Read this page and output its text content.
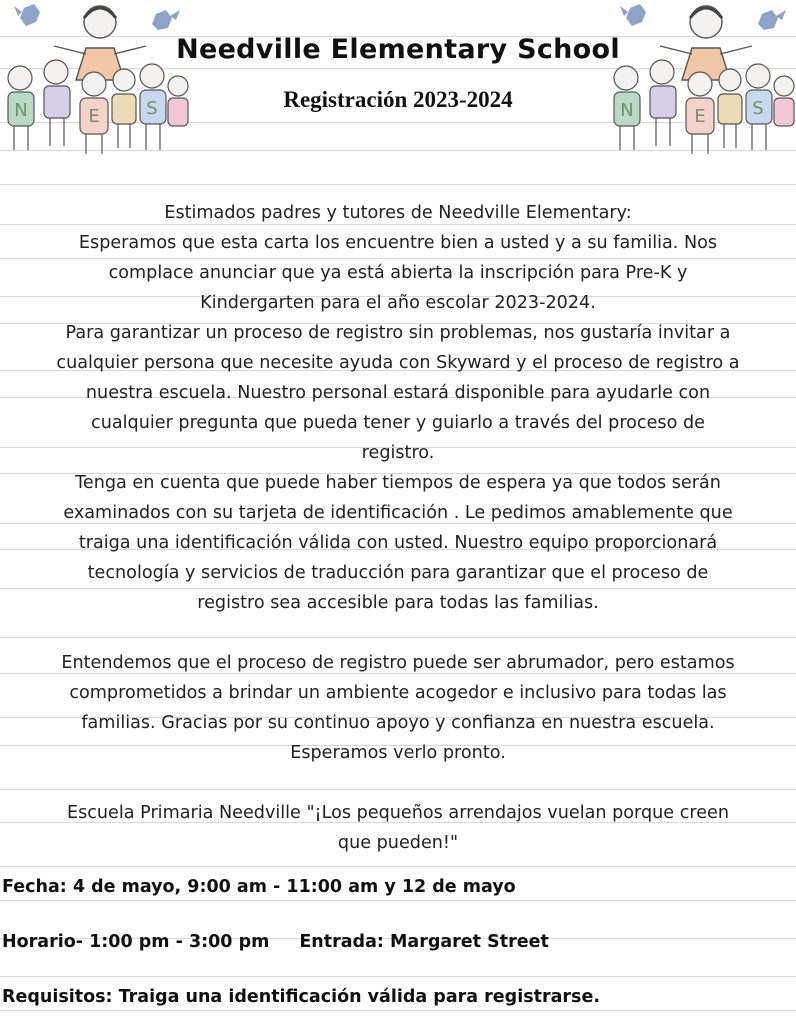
N	E	S
Needville Elementary School
Registración 2023-2024	N	E	S

Estimados padres y tutores de Needville Elementary:

Esperamos que esta carta los encuentre bien a usted y a su familia. Nos

complace anunciar que ya está abierta la inscripción para Pre-K y

Kindergarten para el año escolar 2023-2024.

Para garantizar un proceso de registro sin problemas, nos gustaría invitar a

cualquier persona que necesite ayuda con Skyward y el proceso de registro a

nuestra escuela. Nuestro personal estará disponible para ayudarle con

cualquier pregunta que pueda tener y guiarlo a través del proceso de

registro.

Tenga en cuenta que puede haber tiempos de espera ya que todos serán

examinados con su tarjeta de identificación . Le pedimos amablemente que

traiga una identificación válida con usted. Nuestro equipo proporcionará

tecnología y servicios de traducción para garantizar que el proceso de

registro sea accesible para todas las familias.

Entendemos que el proceso de registro puede ser abrumador, pero estamos

comprometidos a brindar un ambiente acogedor e inclusivo para todas las

familias. Gracias por su continuo apoyo y confianza en nuestra escuela.

Esperamos verlo pronto.

Escuela Primaria Needville "¡Los pequeños arrendajos vuelan porque creen

que pueden!"

Fecha: 4 de mayo, 9:00 am - 11:00 am y 12 de mayo

Horario- 1:00 pm - 3:00 pm Entrada: Margaret Street

Requisitos: Traiga una identificación válida para registrarse.
